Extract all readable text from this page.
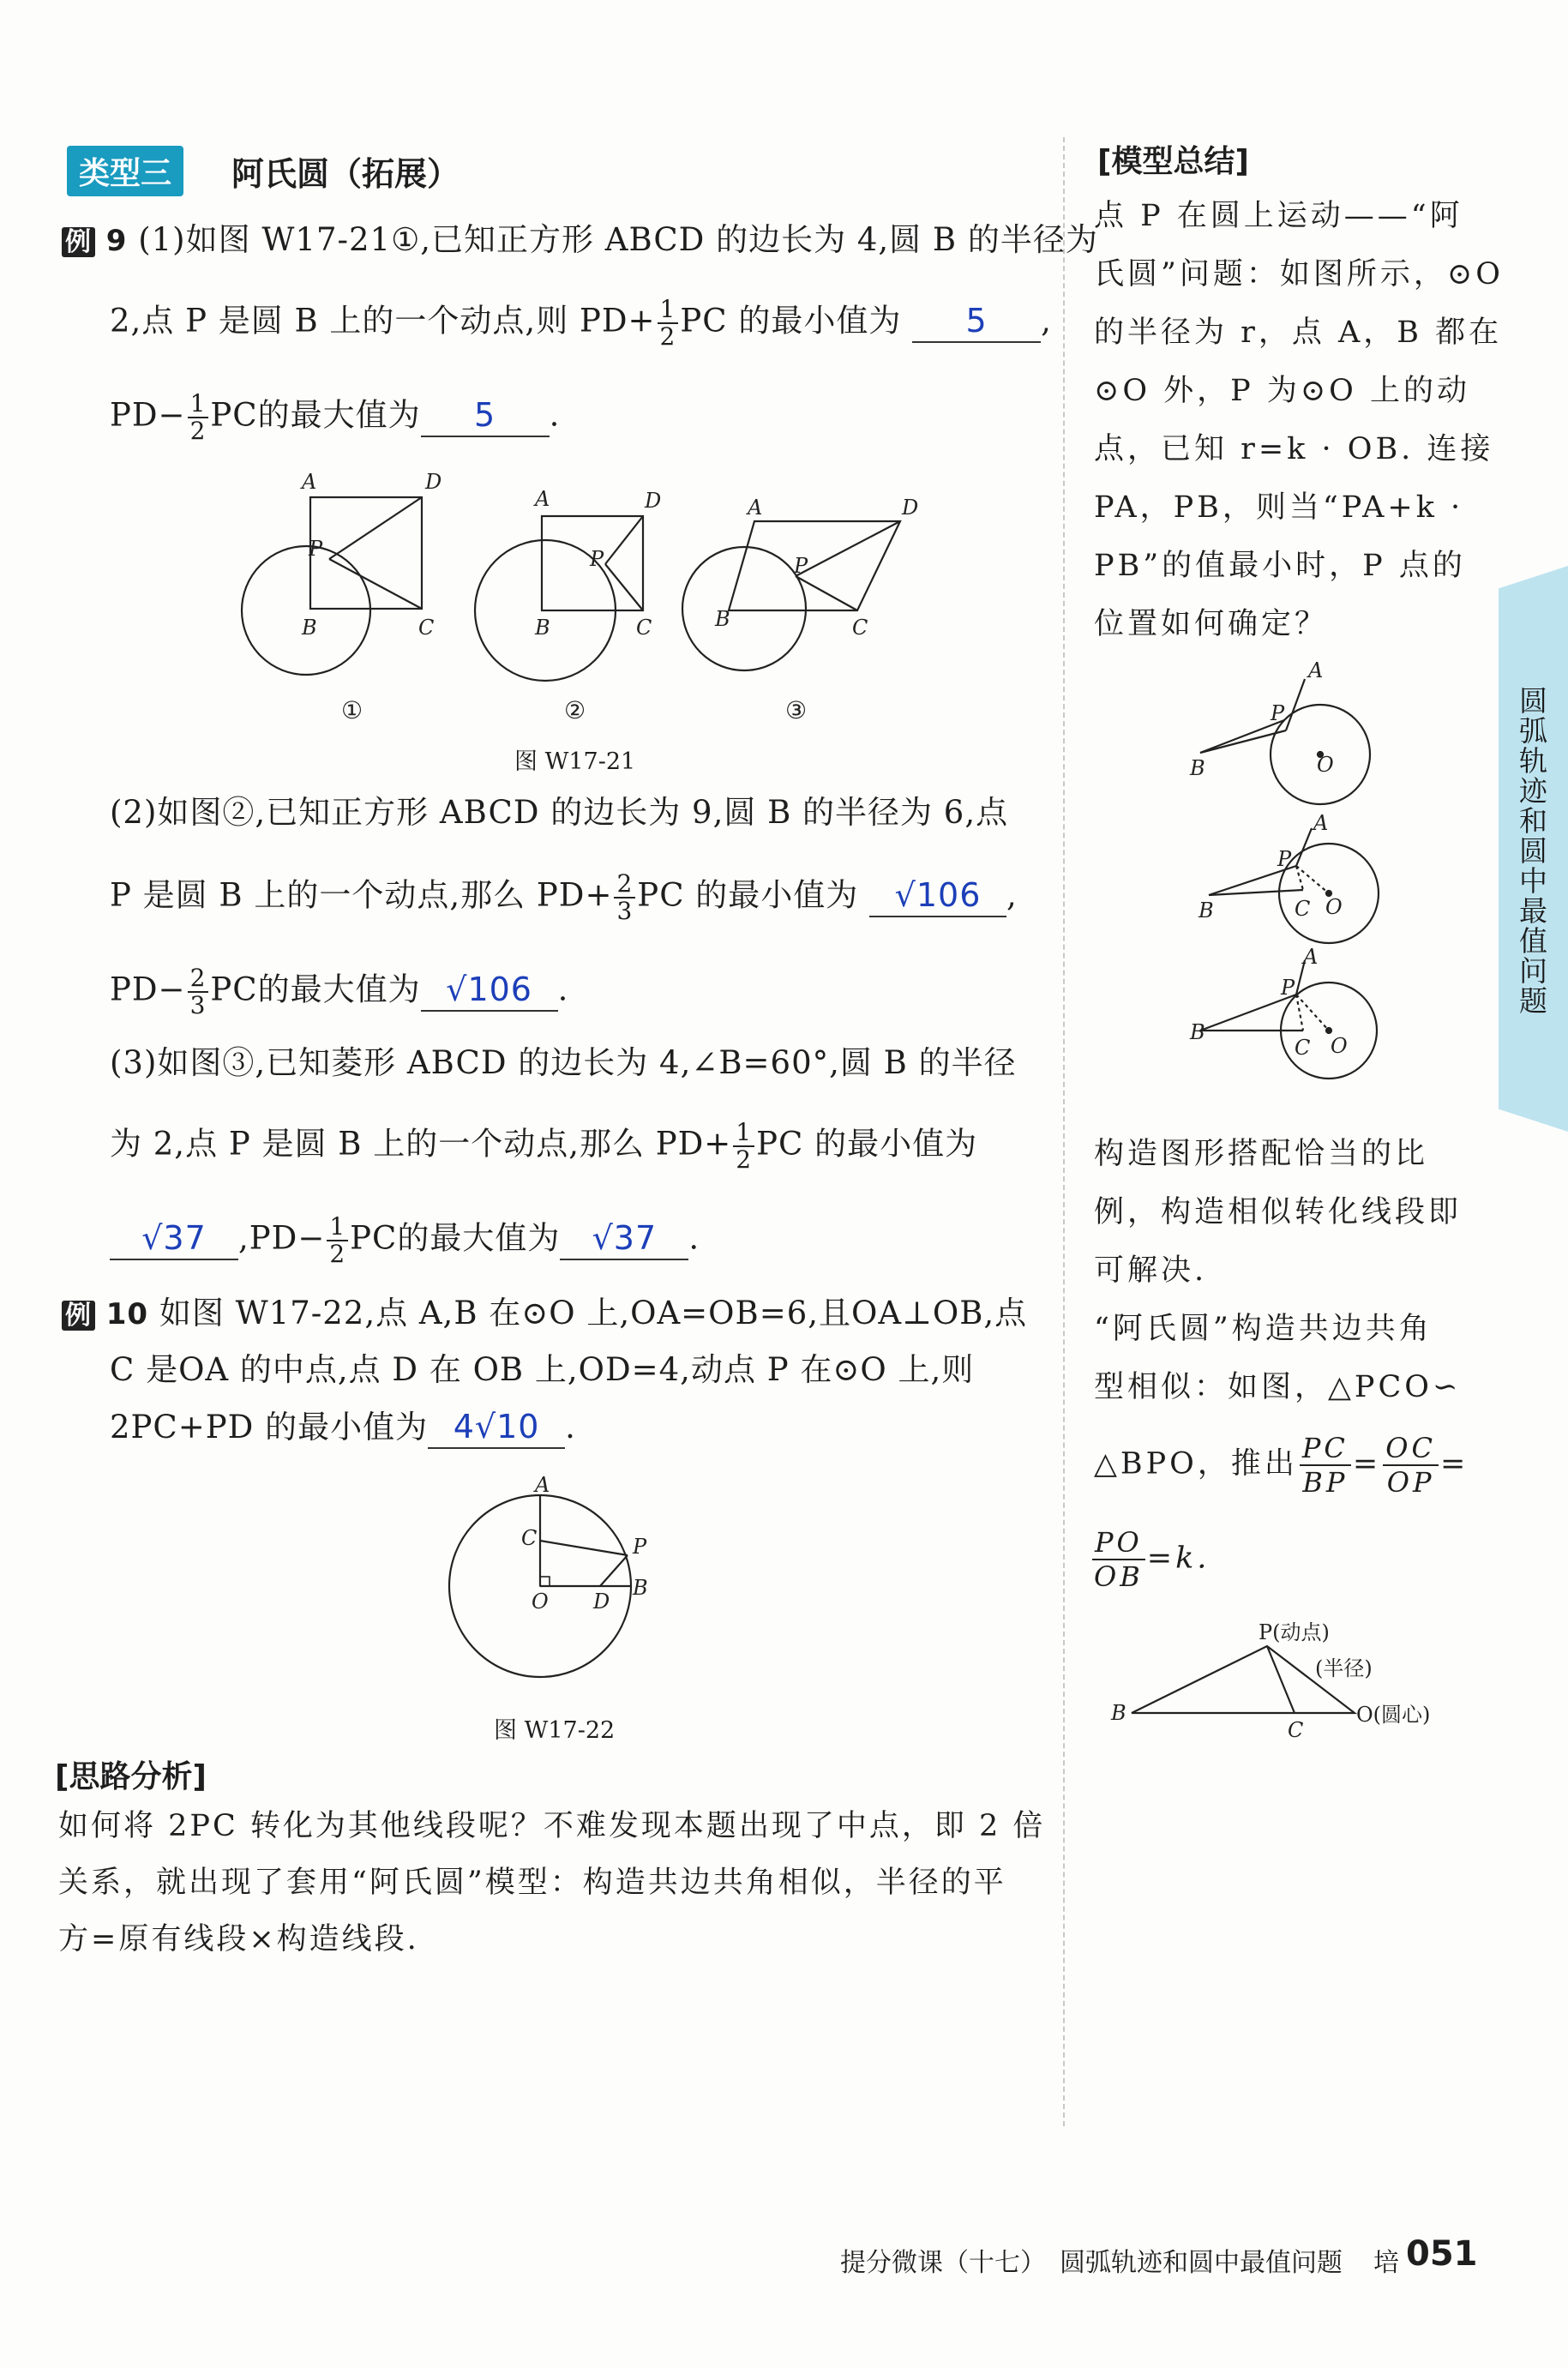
类型三	阿氏圆（拓展）
例 9 (1)如图 W17-21①,已知正方形 ABCD 的边长为 4,圆 B 的半径为
2,点 P 是圆 B 上的一个动点,则 $PD+ \frac{1}{2}$ PC 的最小值为 5 ,
$PD- \frac{1}{2}$ PC的最大值为 5 .
A	D
P
B	C
A	D
P
B	C
A	D
P
B	C
①	②	③
图 W17-21
(2)如图②,已知正方形 ABCD 的边长为 9,圆 B 的半径为 6,点
P 是圆 B 上的一个动点,那么 $PD+ \frac{2}{3}$ PC 的最小值为 √106 ,
$PD- \frac{2}{3}$ PC的最大值为 √106 .
(3)如图③,已知菱形 ABCD 的边长为 4,∠B=60°,圆 B 的半径
为 2,点 P 是圆 B 上的一个动点,那么 $PD+ \frac{1}{2}$ PC 的最小值为
√37 $,PD- \frac{1}{2}$ PC的最大值为 √37 .
例 10 如图 W17-22,点 A,B 在⊙O 上,OA=OB=6,且OA⊥OB,点
C 是OA 的中点,点 D 在 OB 上,OD=4,动点 P 在⊙O 上,则
2PC+PD 的最小值为 4√10 .
A
C	P
B
O D
图 W17-22
[思路分析]
如何将 2PC 转化为其他线段呢？不难发现本题出现了中点，即 2 倍
关系，就出现了套用“阿氏圆”模型：构造共边共角相似，半径的平
方=原有线段×构造线段.
[模型总结]
点 P 在圆上运动——“阿
氏圆”问题：如图所示，⊙O
的半径为 r，点 A，B 都在
⊙O 外，P 为⊙O 上的动
点，已知 r=k · OB. 连接
PA，PB，则当“PA+k ·
PB”的值最小时，P 点的
位置如何确定？
A
P
B	O
A
P
B	C O
A
P
B
C O
构造图形搭配恰当的比
例，构造相似转化线段即
可解决.
“阿氏圆”构造共边共角
型相似：如图，△PCO∽
△BPO，推出 $\frac{PC}{BP} = \frac{OC}{OP}$ =
$\frac{PO}{OB} =k$.
P(动点)
(半径)
B
C
O(圆心)
圆弧轨迹和圆中最值问题
提分微课（十七） 圆弧轨迹和圆中最值问题 培 051
